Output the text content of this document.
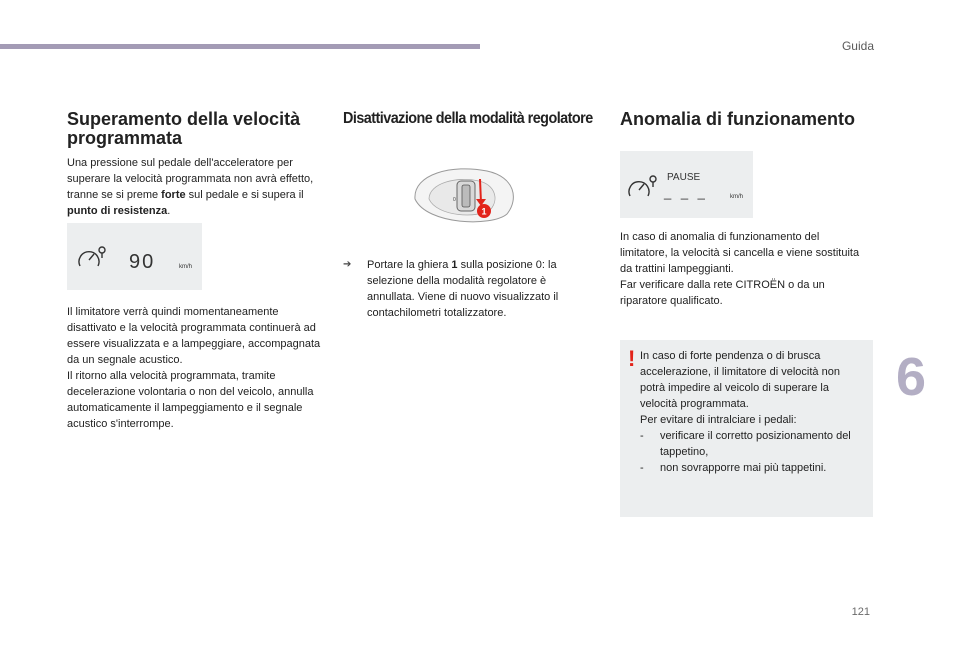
Guida
6
121
Superamento della velocità
programmata

Una pressione sul pedale dell'acceleratore per superare la velocità programmata non avrà effetto, tranne se si preme forte sul pedale e si supera il punto di resistenza.

90	km/h

Il limitatore verrà quindi momentaneamente disattivato e la velocità programmata continuerà ad essere visualizzata e a lampeggiare, accompagnata da un segnale acustico.

Il ritorno alla velocità programmata, tramite decelerazione volontaria o non del veicolo, annulla automaticamente il lampeggiamento e il segnale acustico s'interrompe.

Disattivazione della modalità regolatore
0
1
➔	Portare la ghiera 1 sulla posizione 0: la selezione della modalità regolatore è annullata. Viene di nuovo visualizzato il contachilometri totalizzatore.

Anomalia di funzionamento
PAUSE
_ _ _	km/h

In caso di anomalia di funzionamento del limitatore, la velocità si cancella e viene sostituita da trattini lampeggianti.

Far verificare dalla rete CITROËN o da un riparatore qualificato.

! In caso di forte pendenza o di brusca accelerazione, il limitatore di velocità non potrà impedire al veicolo di superare la velocità programmata.

Per evitare di intralciare i pedali:

-	verificare il corretto posizionamento del tappetino,

-	non sovrapporre mai più tappetini.
